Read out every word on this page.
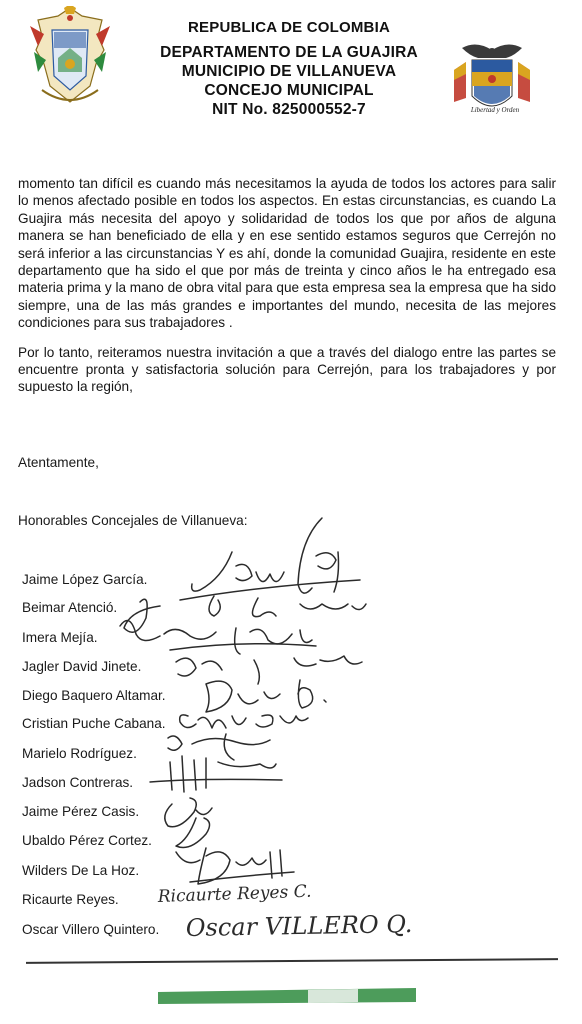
REPUBLICA DE COLOMBIA
DEPARTAMENTO DE LA GUAJIRA
MUNICIPIO DE VILLANUEVA
CONCEJO MUNICIPAL
NIT No. 825000552-7	Libertad y Orden

momento tan difícil es cuando más necesitamos la ayuda de todos los actores para salir lo menos afectado posible en todos los aspectos. En estas circunstancias, es cuando La Guajira más necesita del apoyo y solidaridad de todos los que por años de alguna manera se han beneficiado de ella y en ese sentido estamos seguros que Cerrejón no será inferior a las circunstancias Y es ahí, donde la comunidad Guajira, residente en este departamento que ha sido el que por más de treinta y cinco años le ha entregado esa materia prima y la mano de obra vital para que esta empresa sea la empresa que ha sido siempre, una de las más grandes e importantes del mundo, necesita de las mejores condiciones para sus trabajadores .

Por lo tanto, reiteramos nuestra invitación a que a través del dialogo entre las partes se encuentre pronta y satisfactoria solución para Cerrejón, para los trabajadores y por supuesto la región,

Atentamente,
Honorables Concejales de Villanueva:
Jaime López García.
Beimar Atenció.
Imera Mejía.
Jagler David Jinete.
Diego Baquero Altamar.
Cristian Puche Cabana.
Marielo Rodríguez.
Jadson Contreras.
Jaime Pérez Casis.
Ubaldo Pérez Cortez.
Wilders De La Hoz.
Ricaurte Reyes.
Oscar Villero Quintero.
Ricaurte Reyes C.
Oscar VILLERO Q.
